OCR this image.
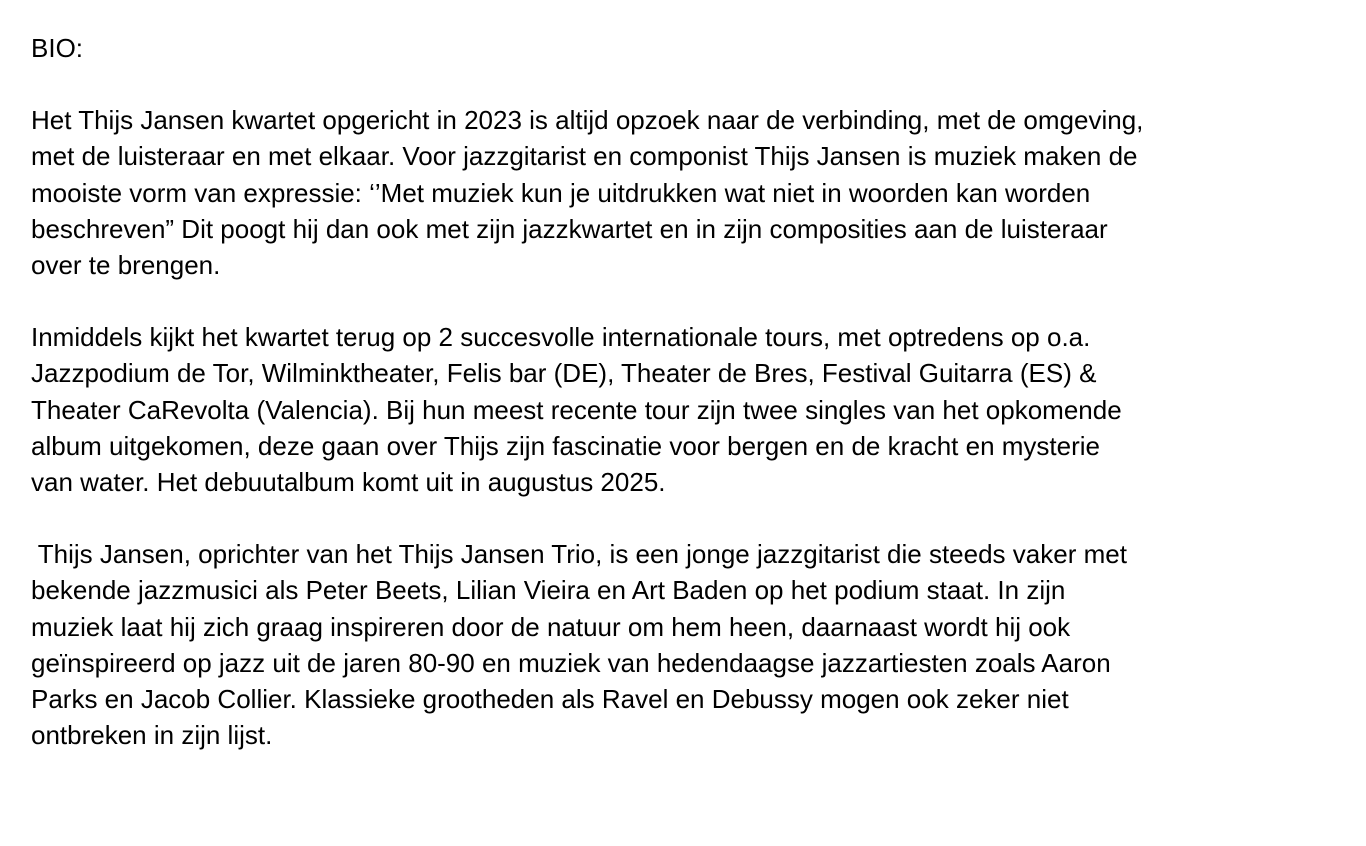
BIO:
Het Thijs Jansen kwartet opgericht in 2023 is altijd opzoek naar de verbinding, met de omgeving,
met de luisteraar en met elkaar. Voor jazzgitarist en componist Thijs Jansen is muziek maken de
mooiste vorm van expressie: ‘’Met muziek kun je uitdrukken wat niet in woorden kan worden
beschreven” Dit poogt hij dan ook met zijn jazzkwartet en in zijn composities aan de luisteraar
over te brengen.
Inmiddels kijkt het kwartet terug op 2 succesvolle internationale tours, met optredens op o.a.
Jazzpodium de Tor, Wilminktheater, Felis bar (DE), Theater de Bres, Festival Guitarra (ES) &
Theater CaRevolta (Valencia). Bij hun meest recente tour zijn twee singles van het opkomende
album uitgekomen, deze gaan over Thijs zijn fascinatie voor bergen en de kracht en mysterie
van water. Het debuutalbum komt uit in augustus 2025.
Thijs Jansen, oprichter van het Thijs Jansen Trio, is een jonge jazzgitarist die steeds vaker met
bekende jazzmusici als Peter Beets, Lilian Vieira en Art Baden op het podium staat. In zijn
muziek laat hij zich graag inspireren door de natuur om hem heen, daarnaast wordt hij ook
geïnspireerd op jazz uit de jaren 80-90 en muziek van hedendaagse jazzartiesten zoals Aaron
Parks en Jacob Collier. Klassieke grootheden als Ravel en Debussy mogen ook zeker niet
ontbreken in zijn lijst.
